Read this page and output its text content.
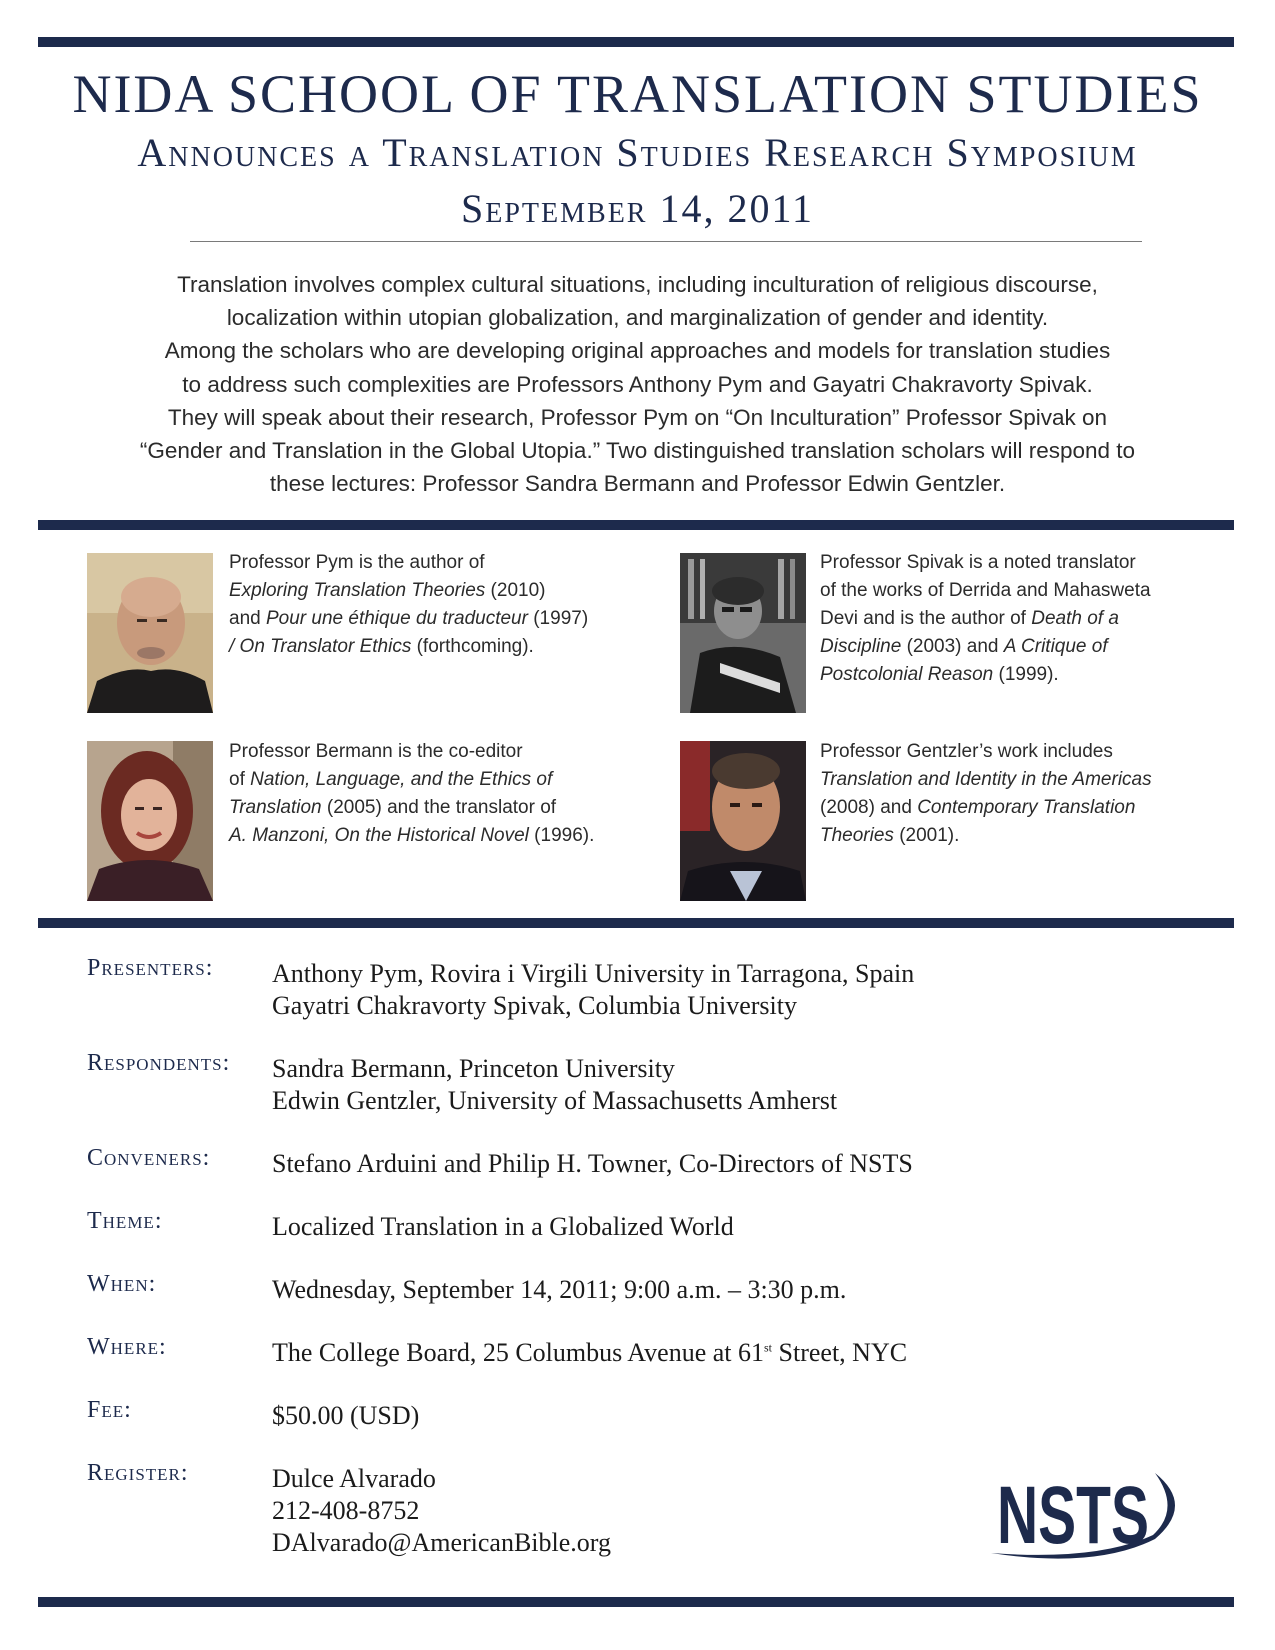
NIDA SCHOOL OF TRANSLATION STUDIES
Announces a Translation Studies Research Symposium
September 14, 2011
Translation involves complex cultural situations, including inculturation of religious discourse,
localization within utopian globalization, and marginalization of gender and identity.
Among the scholars who are developing original approaches and models for translation studies
to address such complexities are Professors Anthony Pym and Gayatri Chakravorty Spivak.
They will speak about their research, Professor Pym on “On Inculturation” Professor Spivak on
“Gender and Translation in the Global Utopia.” Two distinguished translation scholars will respond to
these lectures: Professor Sandra Bermann and Professor Edwin Gentzler.
Professor Pym is the author of
Exploring Translation Theories (2010)
and Pour une éthique du traducteur (1997)
/ On Translator Ethics (forthcoming).
Professor Spivak is a noted translator
of the works of Derrida and Mahasweta
Devi and is the author of Death of a
Discipline (2003) and A Critique of
Postcolonial Reason (1999).
Professor Bermann is the co-editor
of Nation, Language, and the Ethics of
Translation (2005) and the translator of
A. Manzoni, On the Historical Novel (1996).
Professor Gentzler’s work includes
Translation and Identity in the Americas
(2008) and Contemporary Translation
Theories (2001).
Presenters: Anthony Pym, Rovira i Virgili University in Tarragona, Spain
Gayatri Chakravorty Spivak, Columbia University
Respondents: Sandra Bermann, Princeton University
Edwin Gentzler, University of Massachusetts Amherst
Conveners: Stefano Arduini and Philip H. Towner, Co-Directors of NSTS
Theme:	Localized Translation in a Globalized World
When:	Wednesday, September 14, 2011; 9:00 a.m. – 3:30 p.m.
Where:	The College Board, 25 Columbus Avenue at 61st Street, NYC
Fee:	$50.00 (USD)
Register:	Dulce Alvarado
212-408-8752
DAlvarado@AmericanBible.org	NSTS
